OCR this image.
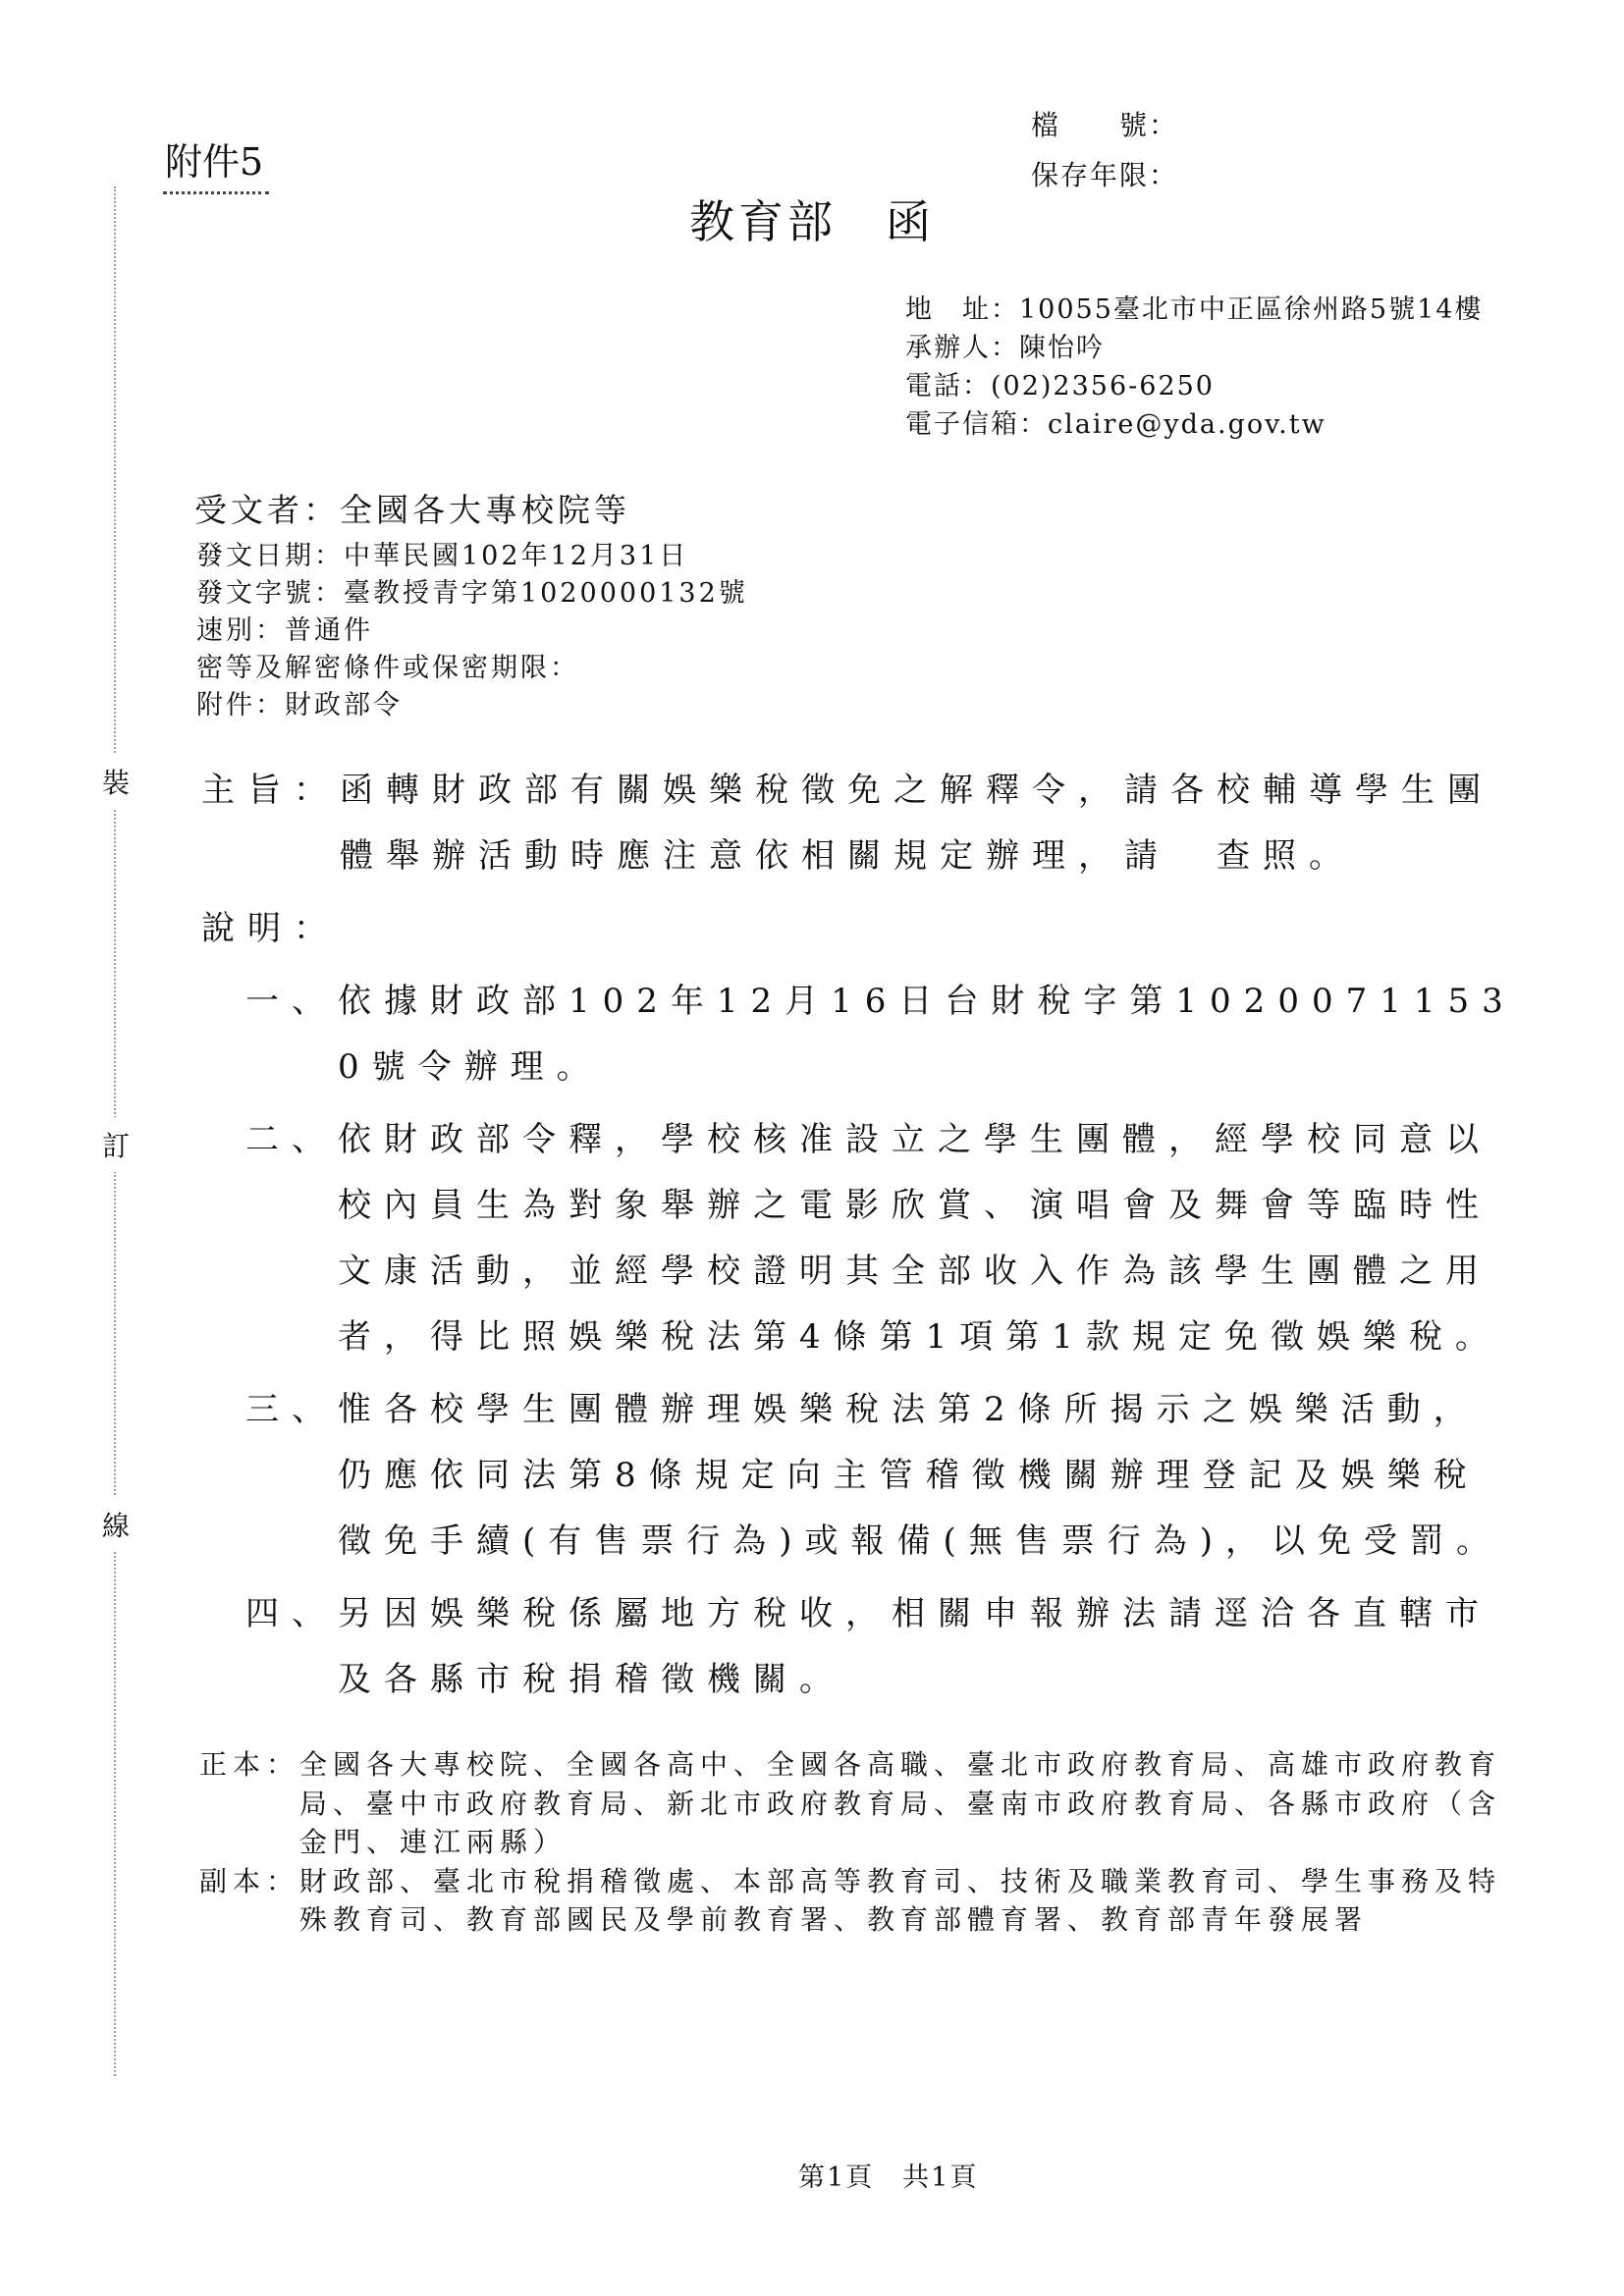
附件5
檔　　號：
保存年限：
教育部　函
地　址：10055臺北市中正區徐州路5號14樓
承辦人：陳怡吟
電話：(02)2356-6250
電子信箱：claire@yda.gov.tw
受文者：全國各大專校院等
發文日期：中華民國102年12月31日
發文字號：臺教授青字第1020000132號
速別：普通件
密等及解密條件或保密期限：
附件：財政部令
主旨： 函轉財政部有關娛樂稅徵免之解釋令，請各校輔導學生團體舉辦活動時應注意依相關規定辦理，請　查照。
說明：
一、 依據財政部102年12月16日台財稅字第10200711530號令辦理。
二、 依財政部令釋，學校核准設立之學生團體，經學校同意以校內員生為對象舉辦之電影欣賞、演唱會及舞會等臨時性文康活動，並經學校證明其全部收入作為該學生團體之用者，得比照娛樂稅法第4條第1項第1款規定免徵娛樂稅。
三、 惟各校學生團體辦理娛樂稅法第2條所揭示之娛樂活動，仍應依同法第8條規定向主管稽徵機關辦理登記及娛樂稅徵免手續(有售票行為)或報備(無售票行為)，以免受罰。
四、 另因娛樂稅係屬地方稅收，相關申報辦法請逕洽各直轄市及各縣市稅捐稽徵機關。
正本： 全國各大專校院、全國各高中、全國各高職、臺北市政府教育局、高雄市政府教育局、臺中市政府教育局、新北市政府教育局、臺南市政府教育局、各縣市政府（含金門、連江兩縣）
副本： 財政部、臺北市稅捐稽徵處、本部高等教育司、技術及職業教育司、學生事務及特殊教育司、教育部國民及學前教育署、教育部體育署、教育部青年發展署
裝
訂
線
第1頁　共1頁
